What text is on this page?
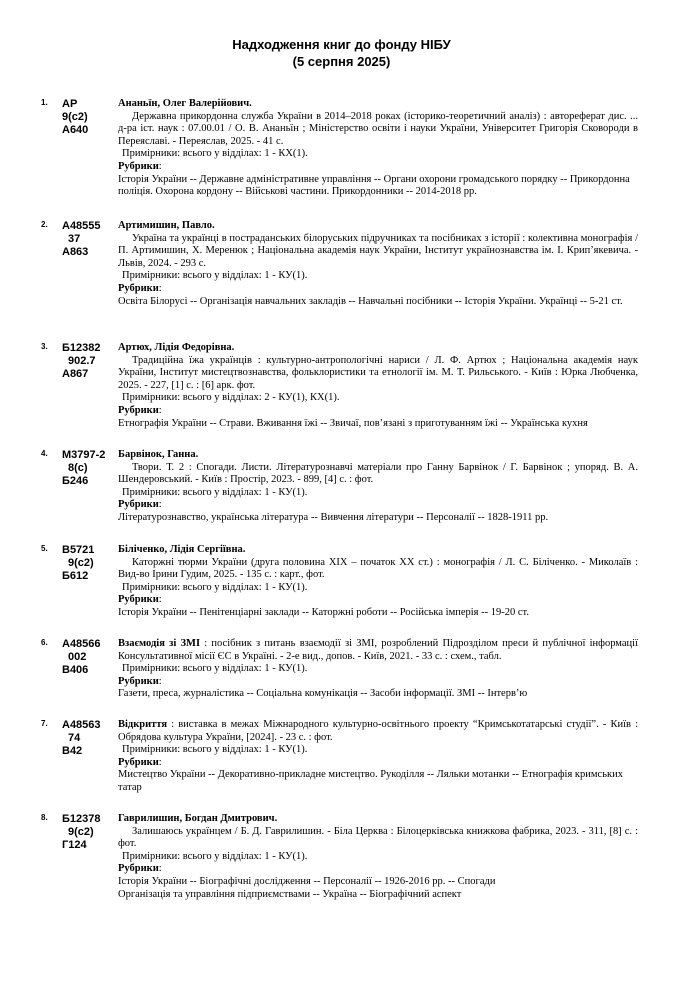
Надходження книг до фонду НІБУ
(5 серпня 2025)
1. АР
9(с2)
А640
Ананьїн, Олег Валерійович.
Державна прикордонна служба України в 2014–2018 роках (історико-теоретичний аналіз) : автореферат дис. ... д-ра іст. наук : 07.00.01 / О. В. Ананьїн ; Міністерство освіти і науки України, Університет Григорія Сковороди в Переяславі. - Переяслав, 2025. - 41 с.
Примірники: всього у відділах: 1 - КХ(1).
Рубрики:
Історія України -- Державне адміністративне управління -- Органи охорони громадського порядку -- Прикордонна поліція. Охорона кордону -- Військові частини. Прикордонники -- 2014-2018 рр.
2. А48555
37
А863
Артимишин, Павло.
Україна та українці в постраданських білоруських підручниках та посібниках з історії : колективна монографія / П. Артимишин, Х. Меренюк ; Національна академія наук України, Інститут українознавства ім. І. Крип’якевича. - Львів, 2024. - 293 с.
Примірники: всього у відділах: 1 - КУ(1).
Рубрики:
Освіта Білорусі -- Організація навчальних закладів -- Навчальні посібники -- Історія України. Українці -- 5-21 ст.
3. Б12382
902.7
А867
Артюх, Лідія Федорівна.
Традиційна їжа українців : культурно-антропологічні нариси / Л. Ф. Артюх ; Національна академія наук України, Інститут мистецтвознавства, фольклористики та етнології ім. М. Т. Рильського. - Київ : Юрка Любченка, 2025. - 227, [1] с. : [6] арк. фот.
Примірники: всього у відділах: 2 - КУ(1), КХ(1).
Рубрики:
Етнографія України -- Страви. Вживання їжі -- Звичаї, пов’язані з приготуванням їжі -- Українська кухня
4. М3797-2
8(с)
Б246
Барвінок, Ганна.
Твори. Т. 2 : Спогади. Листи. Літературознавчі матеріали про Ганну Барвінок / Г. Барвінок ; упоряд. В. А. Шендеровський. - Київ : Простір, 2023. - 899, [4] с. : фот.
Примірники: всього у відділах: 1 - КУ(1).
Рубрики:
Літературознавство, українська література -- Вивчення літератури -- Персоналії -- 1828-1911 рр.
5. В5721
9(с2)
Б612
Біліченко, Лідія Сергіївна.
Каторжні тюрми України (друга половина XIX – початок XX ст.) : монографія / Л. С. Біліченко. - Миколаїв : Вид-во Ірини Гудим, 2025. - 135 с. : карт., фот.
Примірники: всього у відділах: 1 - КУ(1).
Рубрики:
Історія України -- Пенітенціарні заклади -- Каторжні роботи -- Російська імперія -- 19-20 ст.
6. А48566
002
В406
Взаємодія зі ЗМІ : посібник з питань взаємодії зі ЗМІ, розроблений Підрозділом преси й публічної інформації Консультативної місії ЄС в Україні. - 2-е вид., допов. - Київ, 2021. - 33 с. : схем., табл.
Примірники: всього у відділах: 1 - КУ(1).
Рубрики:
Газети, преса, журналістика -- Соціальна комунікація -- Засоби інформації. ЗМІ -- Інтерв’ю
7. А48563
74
В42
Відкриття : виставка в межах Міжнародного культурно-освітнього проекту “Кримськотатарські студії”. - Київ : Обрядова культура України, [2024]. - 23 с. : фот.
Примірники: всього у відділах: 1 - КУ(1).
Рубрики:
Мистецтво України -- Декоративно-прикладне мистецтво. Рукоділля -- Ляльки мотанки -- Етнографія кримських татар
8. Б12378
9(с2)
Г124
Гаврилишин, Богдан Дмитрович.
Залишаюсь українцем / Б. Д. Гаврилишин. - Біла Церква : Білоцерківська книжкова фабрика, 2023. - 311, [8] с. : фот.
Примірники: всього у відділах: 1 - КУ(1).
Рубрики:
Історія України -- Біографічні дослідження -- Персоналії -- 1926-2016 рр. -- Спогади
Організація та управління підприємствами -- Україна -- Біографічний аспект
